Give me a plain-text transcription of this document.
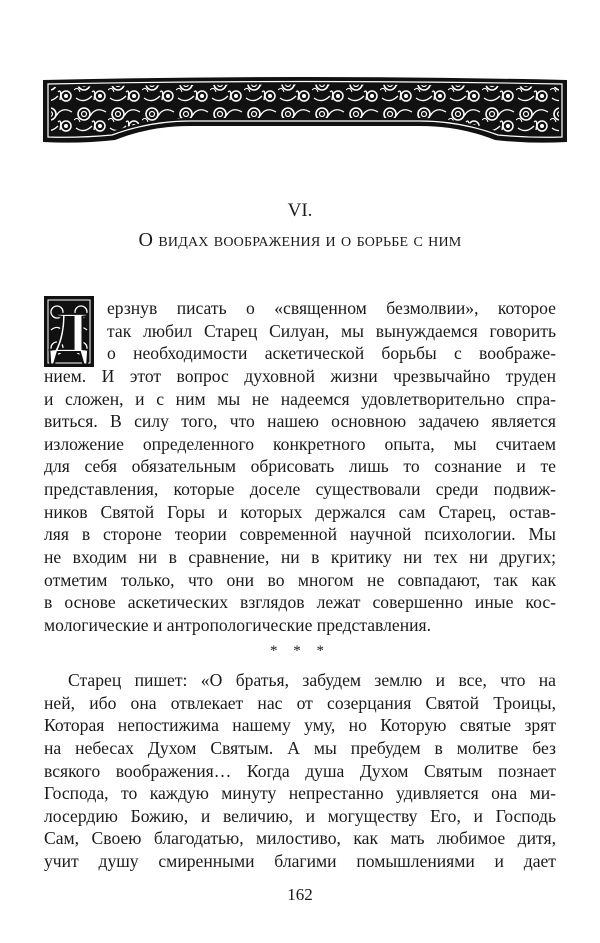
VI.
О видах воображения и о борьбе с ним
Д ерзнув писать о «священном безмолвии», которое
так любил Старец Силуан, мы вынуждаемся говорить
о необходимости аскетической борьбы с воображе-
нием. И этот вопрос духовной жизни чрезвычайно труден
и сложен, и с ним мы не надеемся удовлетворительно спра-
виться. В силу того, что нашею основною задачею является
изложение определенного конкретного опыта, мы считаем
для себя обязательным обрисовать лишь то сознание и те
представления, которые доселе существовали среди подвиж-
ников Святой Горы и которых держался сам Старец, остав-
ляя в стороне теории современной научной психологии. Мы
не входим ни в сравнение, ни в критику ни тех ни других;
отметим только, что они во многом не совпадают, так как
в основе аскетических взглядов лежат совершенно иные кос-
мологические и антропологические представления.
* * *
Старец пишет: «О братья, забудем землю и все, что на
ней, ибо она отвлекает нас от созерцания Святой Троицы,
Которая непостижима нашему уму, но Которую святые зрят
на небесах Духом Святым. А мы пребудем в молитве без
всякого воображения… Когда душа Духом Святым познает
Господа, то каждую минуту непрестанно удивляется она ми-
лосердию Божию, и величию, и могуществу Его, и Господь
Сам, Своею благодатью, милостиво, как мать любимое дитя,
учит душу смиренными благими помышлениями и дает
162
